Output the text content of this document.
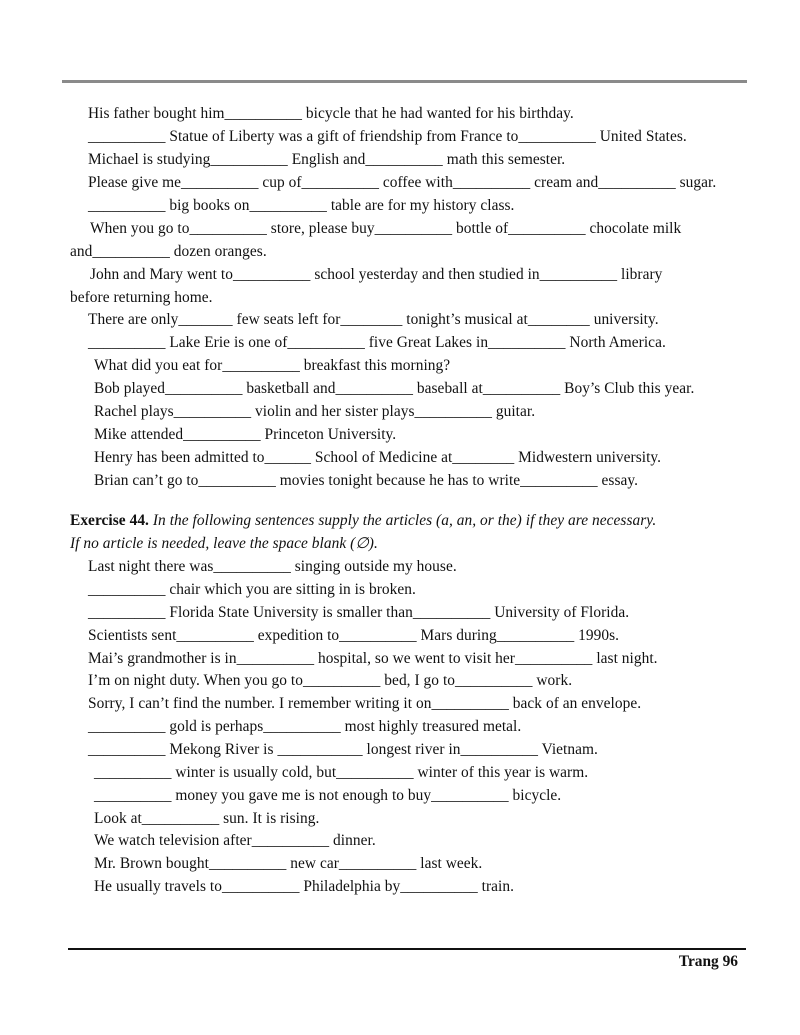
His father bought him__________ bicycle that he had wanted for his birthday.
__________ Statue of Liberty was a gift of friendship from France to__________ United States.
Michael is studying__________ English and__________ math this semester.
Please give me__________ cup of__________ coffee with__________ cream and__________ sugar.
__________ big books on__________ table are for my history class.
When you go to__________ store, please buy__________ bottle of__________ chocolate milk
and__________ dozen oranges.
John and Mary went to__________ school yesterday and then studied in__________ library
before returning home.
There are only_______ few seats left for________ tonight’s musical at________ university.
__________ Lake Erie is one of__________ five Great Lakes in__________ North America.
What did you eat for__________ breakfast this morning?
Bob played__________ basketball and__________ baseball at__________ Boy’s Club this year.
Rachel plays__________ violin and her sister plays__________ guitar.
Mike attended__________ Princeton University.
Henry has been admitted to______ School of Medicine at________ Midwestern university.
Brian can’t go to__________ movies tonight because he has to write__________ essay.
Exercise 44. In the following sentences supply the articles (a, an, or the) if they are necessary.
If no article is needed, leave the space blank (∅).
Last night there was__________ singing outside my house.
__________ chair which you are sitting in is broken.
__________ Florida State University is smaller than__________ University of Florida.
Scientists sent__________ expedition to__________ Mars during__________ 1990s.
Mai’s grandmother is in__________ hospital, so we went to visit her__________ last night.
I’m on night duty. When you go to__________ bed, I go to__________ work.
Sorry, I can’t find the number. I remember writing it on__________ back of an envelope.
__________ gold is perhaps__________ most highly treasured metal.
__________ Mekong River is ___________ longest river in__________ Vietnam.
__________ winter is usually cold, but__________ winter of this year is warm.
__________ money you gave me is not enough to buy__________ bicycle.
Look at__________ sun. It is rising.
We watch television after__________ dinner.
Mr. Brown bought__________ new car__________ last week.
He usually travels to__________ Philadelphia by__________ train.
Trang 96
